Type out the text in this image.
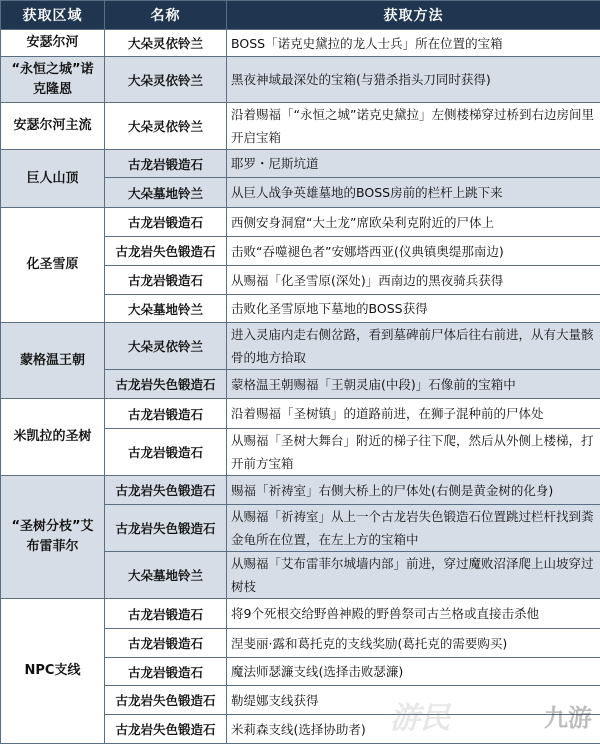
获取区域	名称	获取方法
安瑟尔河	大朵灵依铃兰	BOSS「诺克史黛拉的龙人士兵」所在位置的宝箱
“永恒之城”诺克隆恩	大朵灵依铃兰	黑夜神域最深处的宝箱(与猎杀指头刀同时获得)
安瑟尔河主流	大朵灵依铃兰	沿着赐福「“永恒之城”诺克史黛拉」左侧楼梯穿过桥到右边房间里开启宝箱
巨人山顶	古龙岩锻造石	耶罗・尼斯坑道
	大朵墓地铃兰	从巨人战争英雄墓地的BOSS房前的栏杆上跳下来
化圣雪原	古龙岩锻造石	西侧安身洞窟“大土龙”席欧朵利克附近的尸体上
	古龙岩失色锻造石	击败“吞噬褪色者”安娜塔西亚(仪典镇奥缇那南边)
	古龙岩锻造石	从赐福「化圣雪原(深处)」西南边的黑夜骑兵获得
	大朵墓地铃兰	击败化圣雪原地下墓地的BOSS获得
蒙格温王朝	大朵灵依铃兰	进入灵庙内走右侧岔路，看到墓碑前尸体后往右前进，从有大量骸骨的地方拾取
	古龙岩失色锻造石	蒙格温王朝赐福「王朝灵庙(中段)」石像前的宝箱中
米凯拉的圣树	古龙岩锻造石	沿着赐福「圣树镇」的道路前进，在狮子混种前的尸体处
	古龙岩锻造石	从赐福「圣树大舞台」附近的梯子往下爬，然后从外侧上楼梯，打开前方宝箱
“圣树分枝”艾布雷菲尔	古龙岩失色锻造石	赐福「祈祷室」右侧大桥上的尸体处(右侧是黄金树的化身)
	古龙岩失色锻造石	从赐福「祈祷室」从上一个古龙岩失色锻造石位置跳过栏杆找到粪金龟所在位置，在左上方的宝箱中
	大朵墓地铃兰	从赐福「艾布雷菲尔城墙内部」前进，穿过魔败沼泽爬上山坡穿过树枝
NPC支线	古龙岩锻造石	将9个死根交给野兽神殿的野兽祭司古兰格或直接击杀他
	古龙岩锻造石	涅斐丽·露和葛托克的支线奖励(葛托克的需要购买)
	古龙岩锻造石	魔法师瑟濂支线(选择击败瑟濂)
	古龙岩失色锻造石	勒缇娜支线获得
	古龙岩失色锻造石	米莉森支线(选择协助者) 游民	九游
